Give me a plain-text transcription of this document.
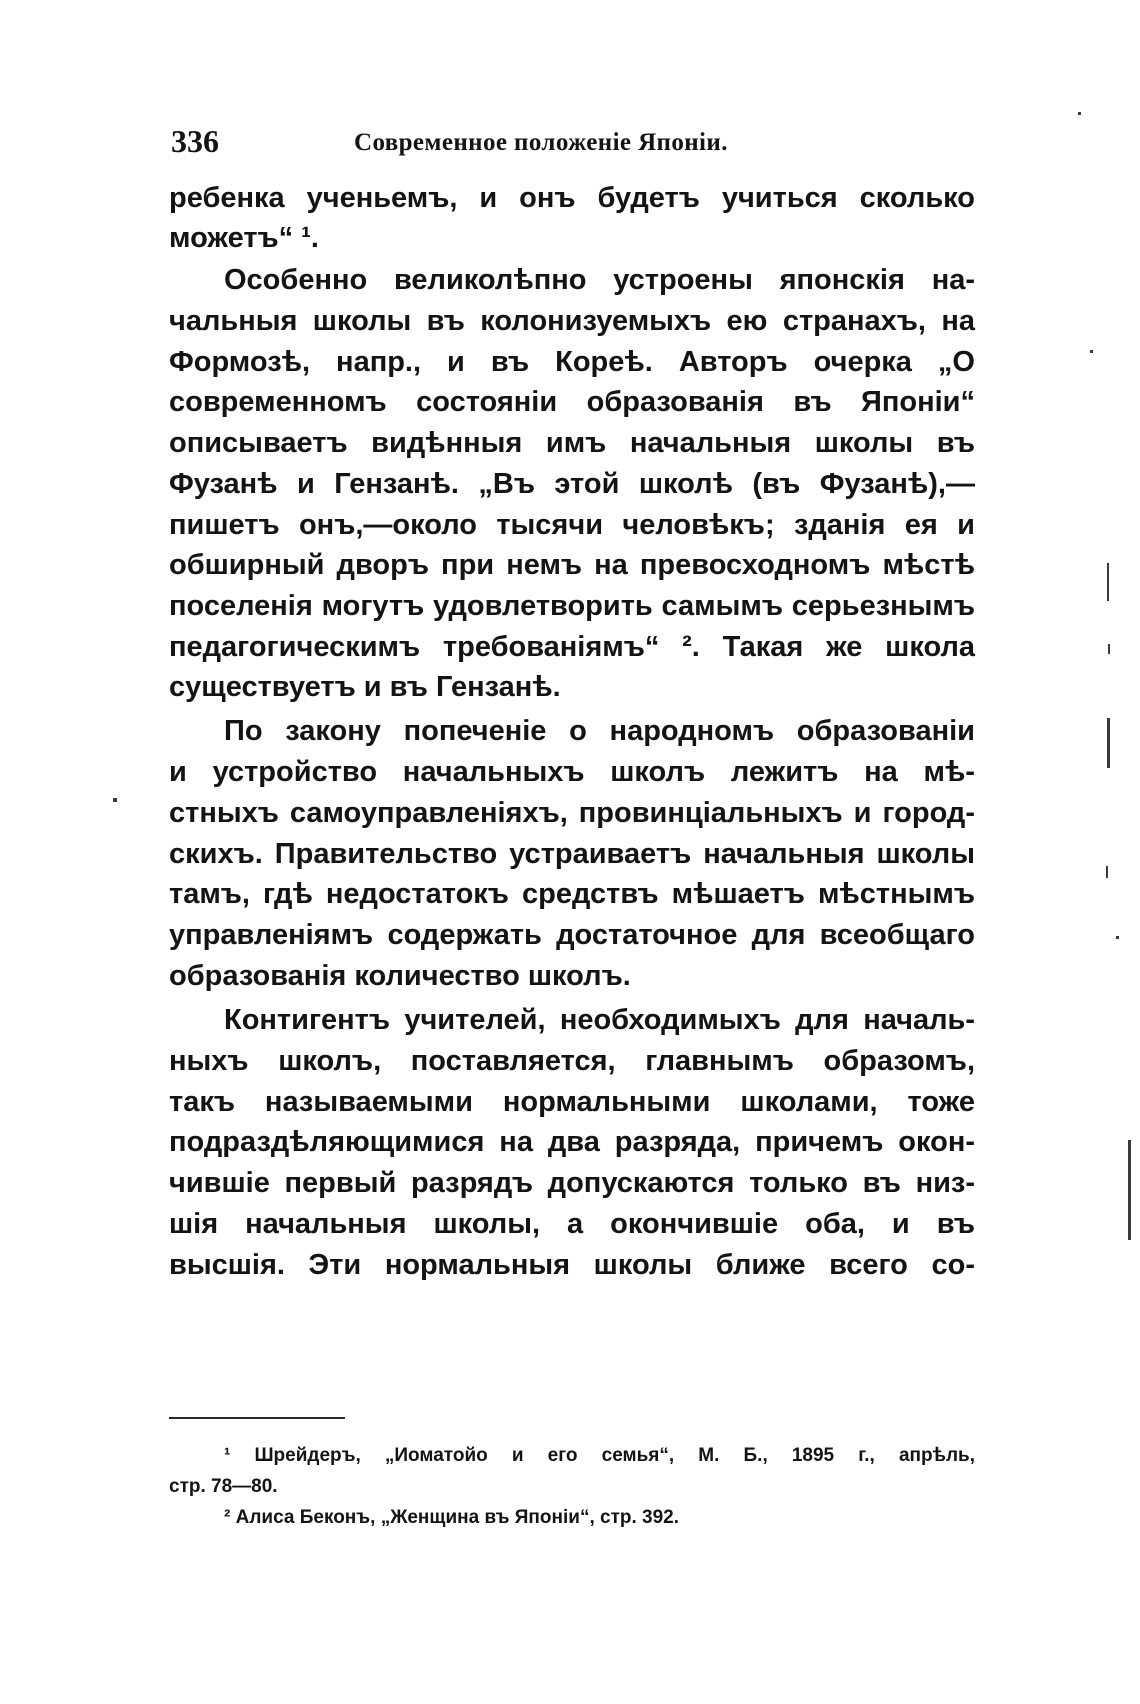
336	Современное положеніе Японіи.
ребенка ученьемъ, и онъ будетъ учиться сколько
можетъ“ ¹.
Особенно великолѣпно устроены японскія на-
чальныя школы въ колонизуемыхъ ею странахъ, на
Формозѣ, напр., и въ Кореѣ. Авторъ очерка „О
современномъ состояніи образованія въ Японіи“
описываетъ видѣнныя имъ начальныя школы въ
Фузанѣ и Гензанѣ. „Въ этой школѣ (въ Фузанѣ),—
пишетъ онъ,—около тысячи человѣкъ; зданія ея и
обширный дворъ при немъ на превосходномъ мѣстѣ
поселенія могутъ удовлетворить самымъ серьезнымъ
педагогическимъ требованіямъ“ ². Такая же школа
существуетъ и въ Гензанѣ.
По закону попеченіе о народномъ образованіи
и устройство начальныхъ школъ лежитъ на мѣ-
стныхъ самоуправленіяхъ, провинціальныхъ и город-
скихъ. Правительство устраиваетъ начальныя школы
тамъ, гдѣ недостатокъ средствъ мѣшаетъ мѣстнымъ
управленіямъ содержать достаточное для всеобщаго
образованія количество школъ.
Контигентъ учителей, необходимыхъ для началь-
ныхъ школъ, поставляется, главнымъ образомъ,
такъ называемыми нормальными школами, тоже
подраздѣляющимися на два разряда, причемъ окон-
чившіе первый разрядъ допускаются только въ низ-
шія начальныя школы, а окончившіе оба, и въ
высшія. Эти нормальныя школы ближе всего со-
¹ Шрейдеръ, „Иоматойо и его семья“, М. Б., 1895 г., апрѣль,
стр. 78—80.
² Алиса Беконъ, „Женщина въ Японіи“, стр. 392.
